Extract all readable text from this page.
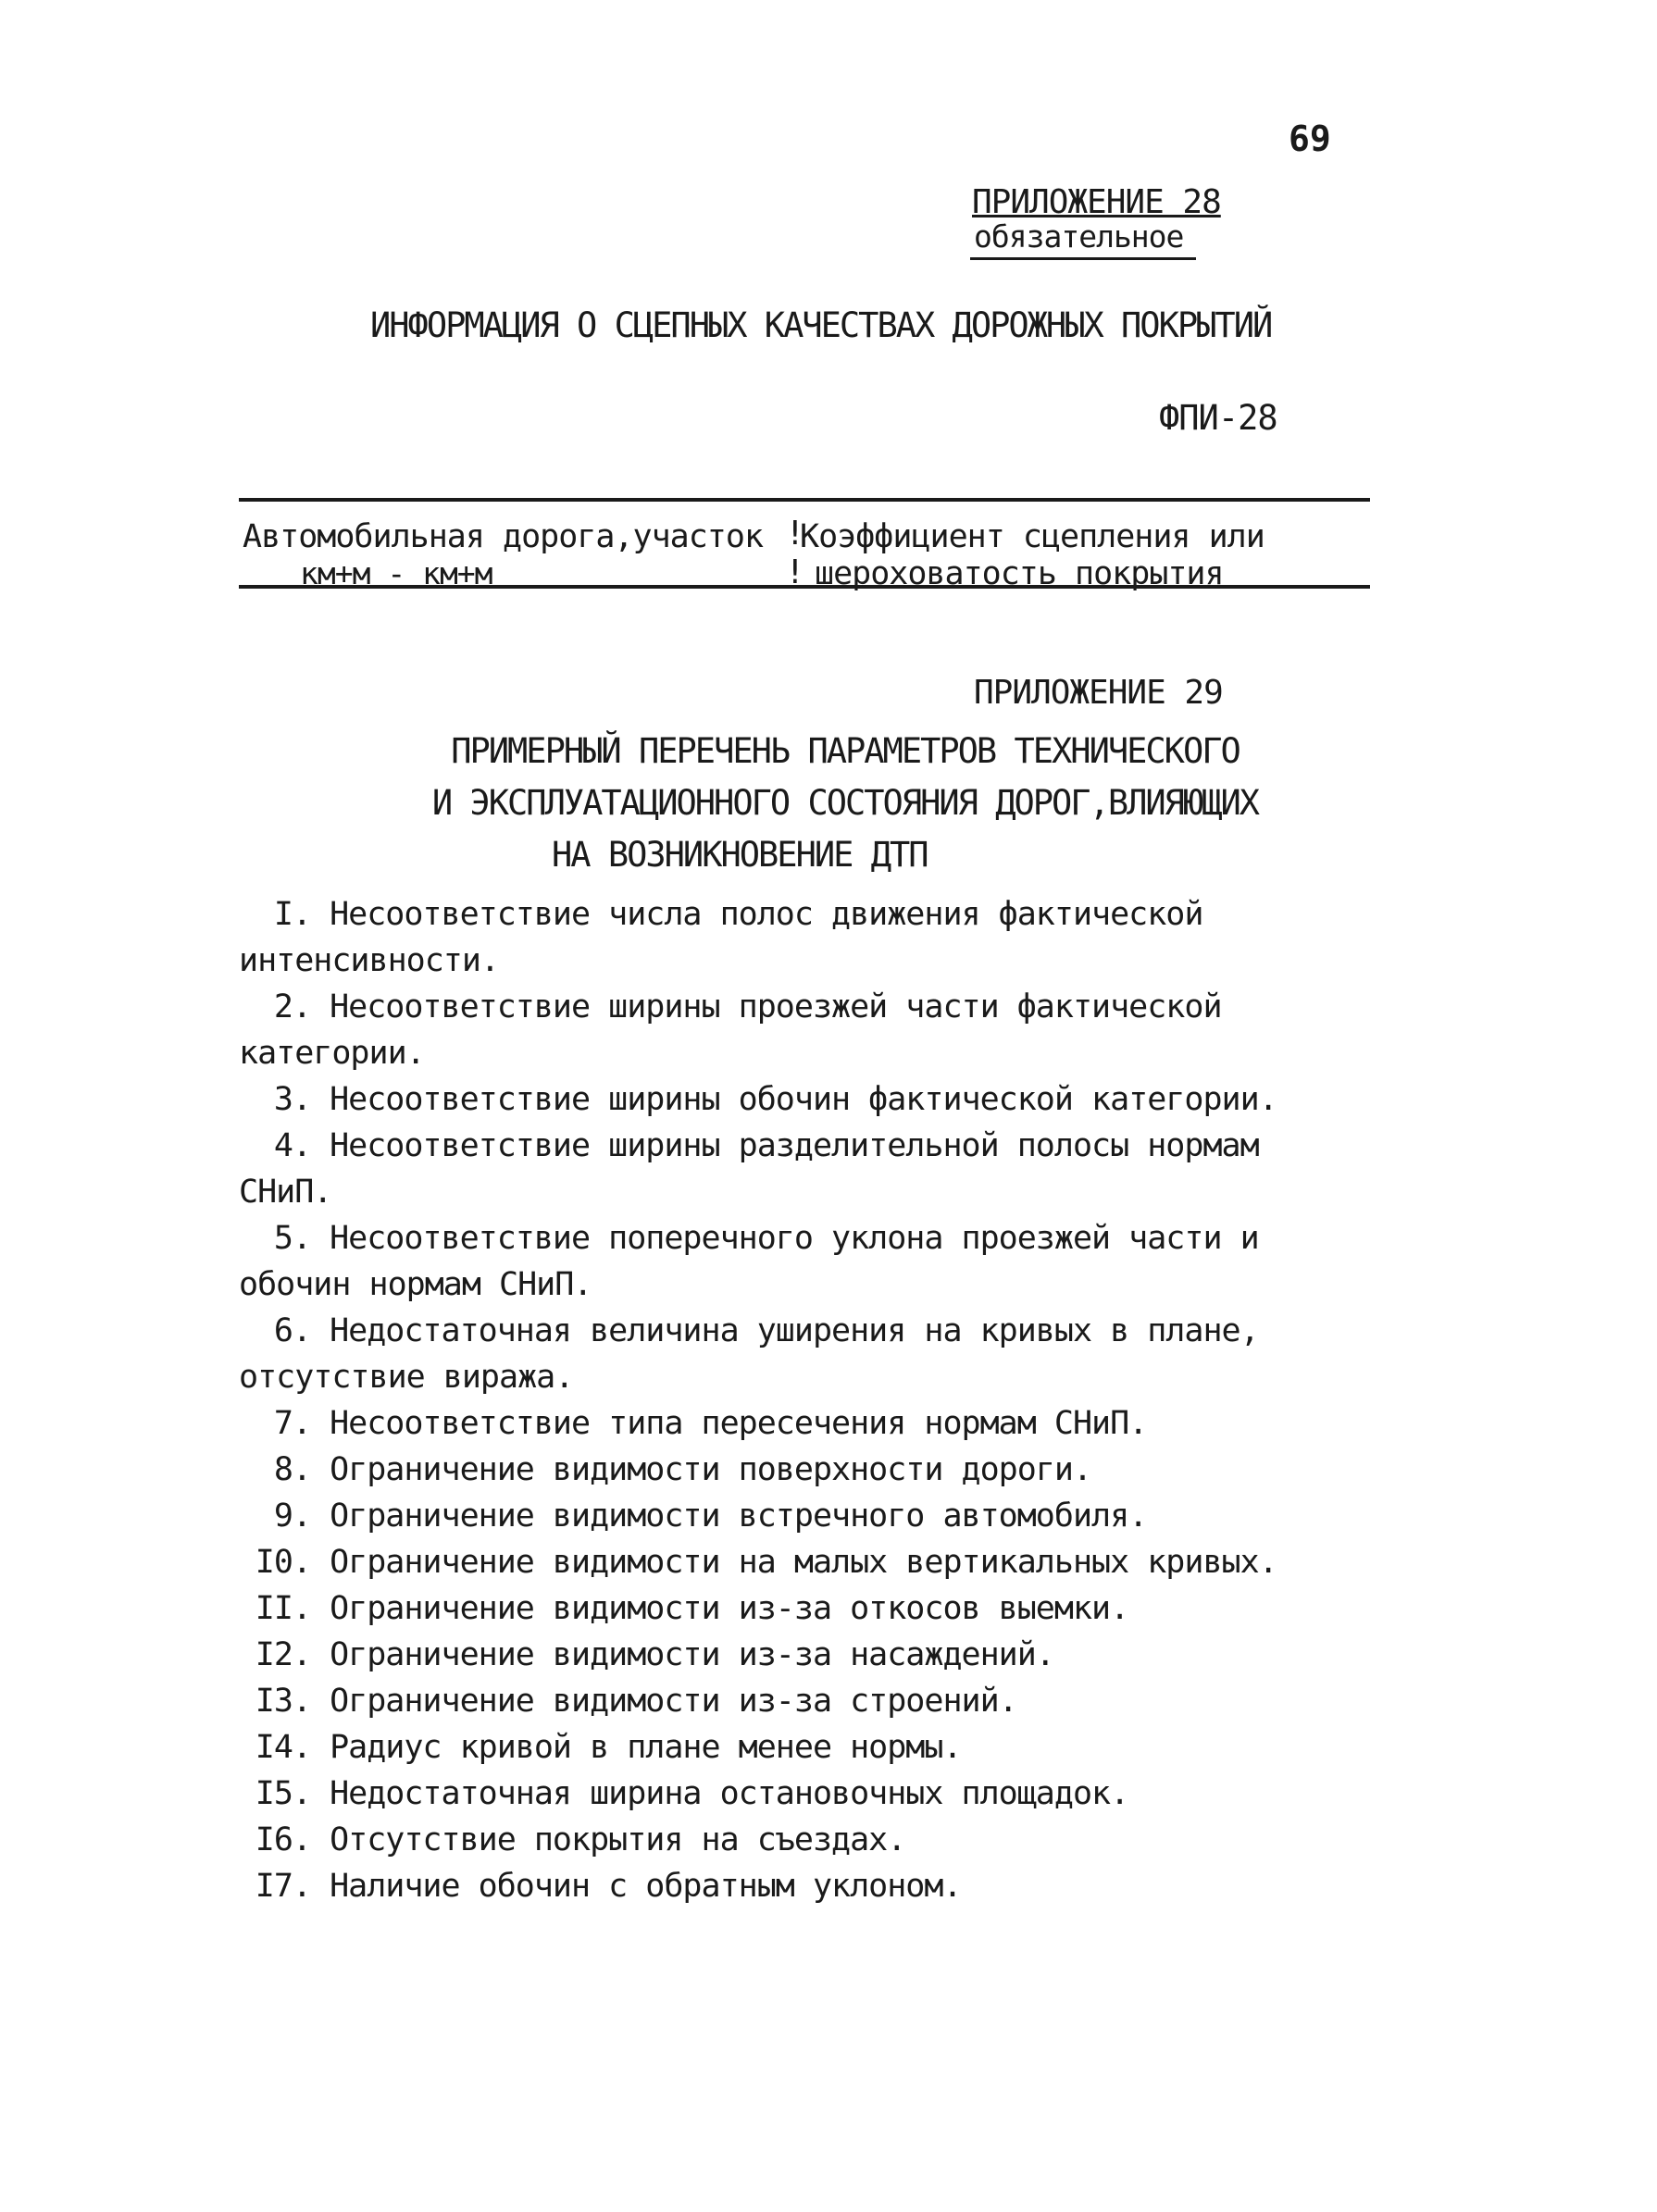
69
ПРИЛОЖЕНИЕ 28
обязательное
ИНФОРМАЦИЯ О СЦЕПНЫХ КАЧЕСТВАХ ДОРОЖНЫХ ПОКРЫТИЙ
ФПИ-28
Автомобильная дорога,участок !
Коэффициент сцепления или
км+м - км+м	! шероховатость покрытия
ПРИЛОЖЕНИЕ 29
ПРИМЕРНЫЙ ПЕРЕЧЕНЬ ПАРАМЕТРОВ ТЕХНИЧЕСКОГО
И ЭКСПЛУАТАЦИОННОГО СОСТОЯНИЯ ДОРОГ,ВЛИЯЮЩИХ
НА ВОЗНИКНОВЕНИЕ ДТП
I. Несоответствие числа полос движения фактической
интенсивности.
2. Несоответствие ширины проезжей части фактической
категории.
3. Несоответствие ширины обочин фактической категории.
4. Несоответствие ширины разделительной полосы нормам
СНиП.
5. Несоответствие поперечного уклона проезжей части и
обочин нормам СНиП.
6. Недостаточная величина уширения на кривых в плане,
отсутствие виража.
7. Несоответствие типа пересечения нормам СНиП.
8. Ограничение видимости поверхности дороги.
9. Ограничение видимости встречного автомобиля.
I0. Ограничение видимости на малых вертикальных кривых.
II. Ограничение видимости из-за откосов выемки.
I2. Ограничение видимости из-за насаждений.
I3. Ограничение видимости из-за строений.
I4. Радиус кривой в плане менее нормы.
I5. Недостаточная ширина остановочных площадок.
I6. Отсутствие покрытия на съездах.
I7. Наличие обочин с обратным уклоном.
